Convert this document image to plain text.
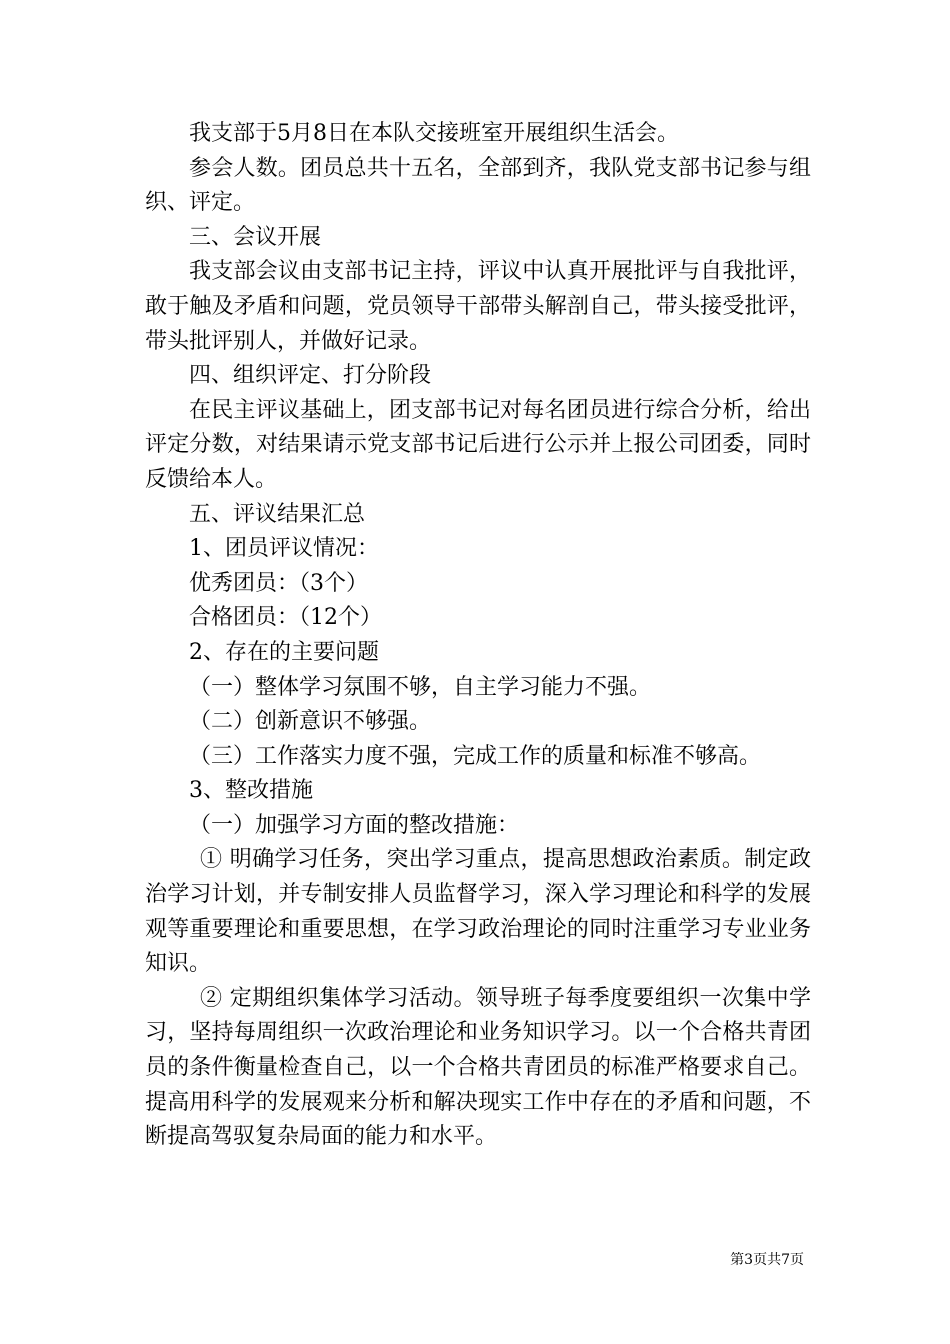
我支部于5月8日在本队交接班室开展组织生活会。

参会人数。团员总共十五名，全部到齐，我队党支部书记参与组织、评定。

三、会议开展

我支部会议由支部书记主持，评议中认真开展批评与自我批评，敢于触及矛盾和问题，党员领导干部带头解剖自己，带头接受批评，带头批评别人，并做好记录。

四、组织评定、打分阶段

在民主评议基础上，团支部书记对每名团员进行综合分析，给出评定分数，对结果请示党支部书记后进行公示并上报公司团委，同时反馈给本人。

五、评议结果汇总

1、团员评议情况：

优秀团员：（3个）

合格团员：（12个）

2、存在的主要问题

（一）整体学习氛围不够，自主学习能力不强。

（二）创新意识不够强。

（三）工作落实力度不强，完成工作的质量和标准不够高。

3、整改措施

（一）加强学习方面的整改措施：

① 明确学习任务，突出学习重点，提高思想政治素质。制定政治学习计划，并专制安排人员监督学习，深入学习理论和科学的发展观等重要理论和重要思想，在学习政治理论的同时注重学习专业业务知识。

② 定期组织集体学习活动。领导班子每季度要组织一次集中学习，坚持每周组织一次政治理论和业务知识学习。以一个合格共青团员的条件衡量检查自己，以一个合格共青团员的标准严格要求自己。提高用科学的发展观来分析和解决现实工作中存在的矛盾和问题，不断提高驾驭复杂局面的能力和水平。

第3页共7页
